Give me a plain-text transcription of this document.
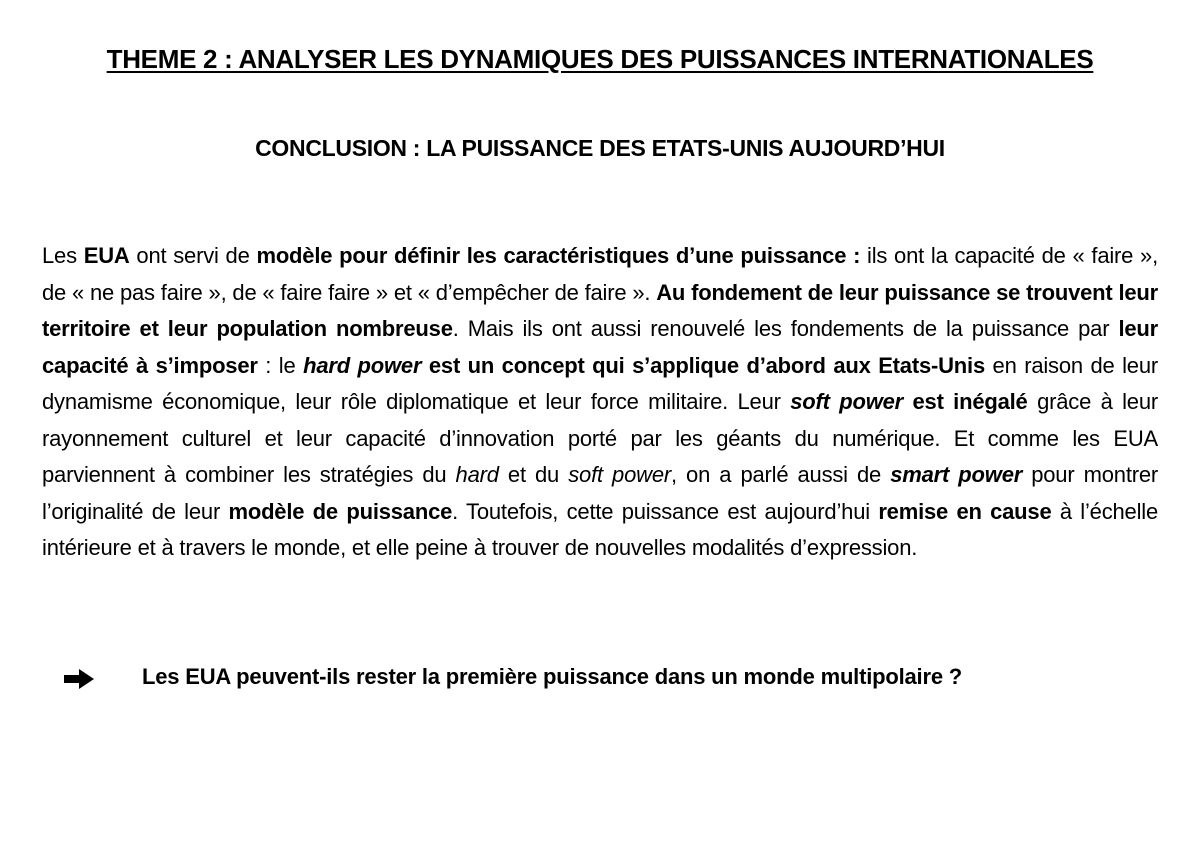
THEME 2 : ANALYSER LES DYNAMIQUES DES PUISSANCES INTERNATIONALES
CONCLUSION : LA PUISSANCE DES ETATS-UNIS AUJOURD’HUI
Les EUA ont servi de modèle pour définir les caractéristiques d’une puissance : ils ont la capacité de « faire », de « ne pas faire », de « faire faire » et « d’empêcher de faire ». Au fondement de leur puissance se trouvent leur territoire et leur population nombreuse. Mais ils ont aussi renouvelé les fondements de la puissance par leur capacité à s’imposer : le hard power est un concept qui s’applique d’abord aux Etats-Unis en raison de leur dynamisme économique, leur rôle diplomatique et leur force militaire. Leur soft power est inégalé grâce à leur rayonnement culturel et leur capacité d’innovation porté par les géants du numérique. Et comme les EUA parviennent à combiner les stratégies du hard et du soft power, on a parlé aussi de smart power pour montrer l’originalité de leur modèle de puissance. Toutefois, cette puissance est aujourd’hui remise en cause à l’échelle intérieure et à travers le monde, et elle peine à trouver de nouvelles modalités d’expression.
Les EUA peuvent-ils rester la première puissance dans un monde multipolaire ?
